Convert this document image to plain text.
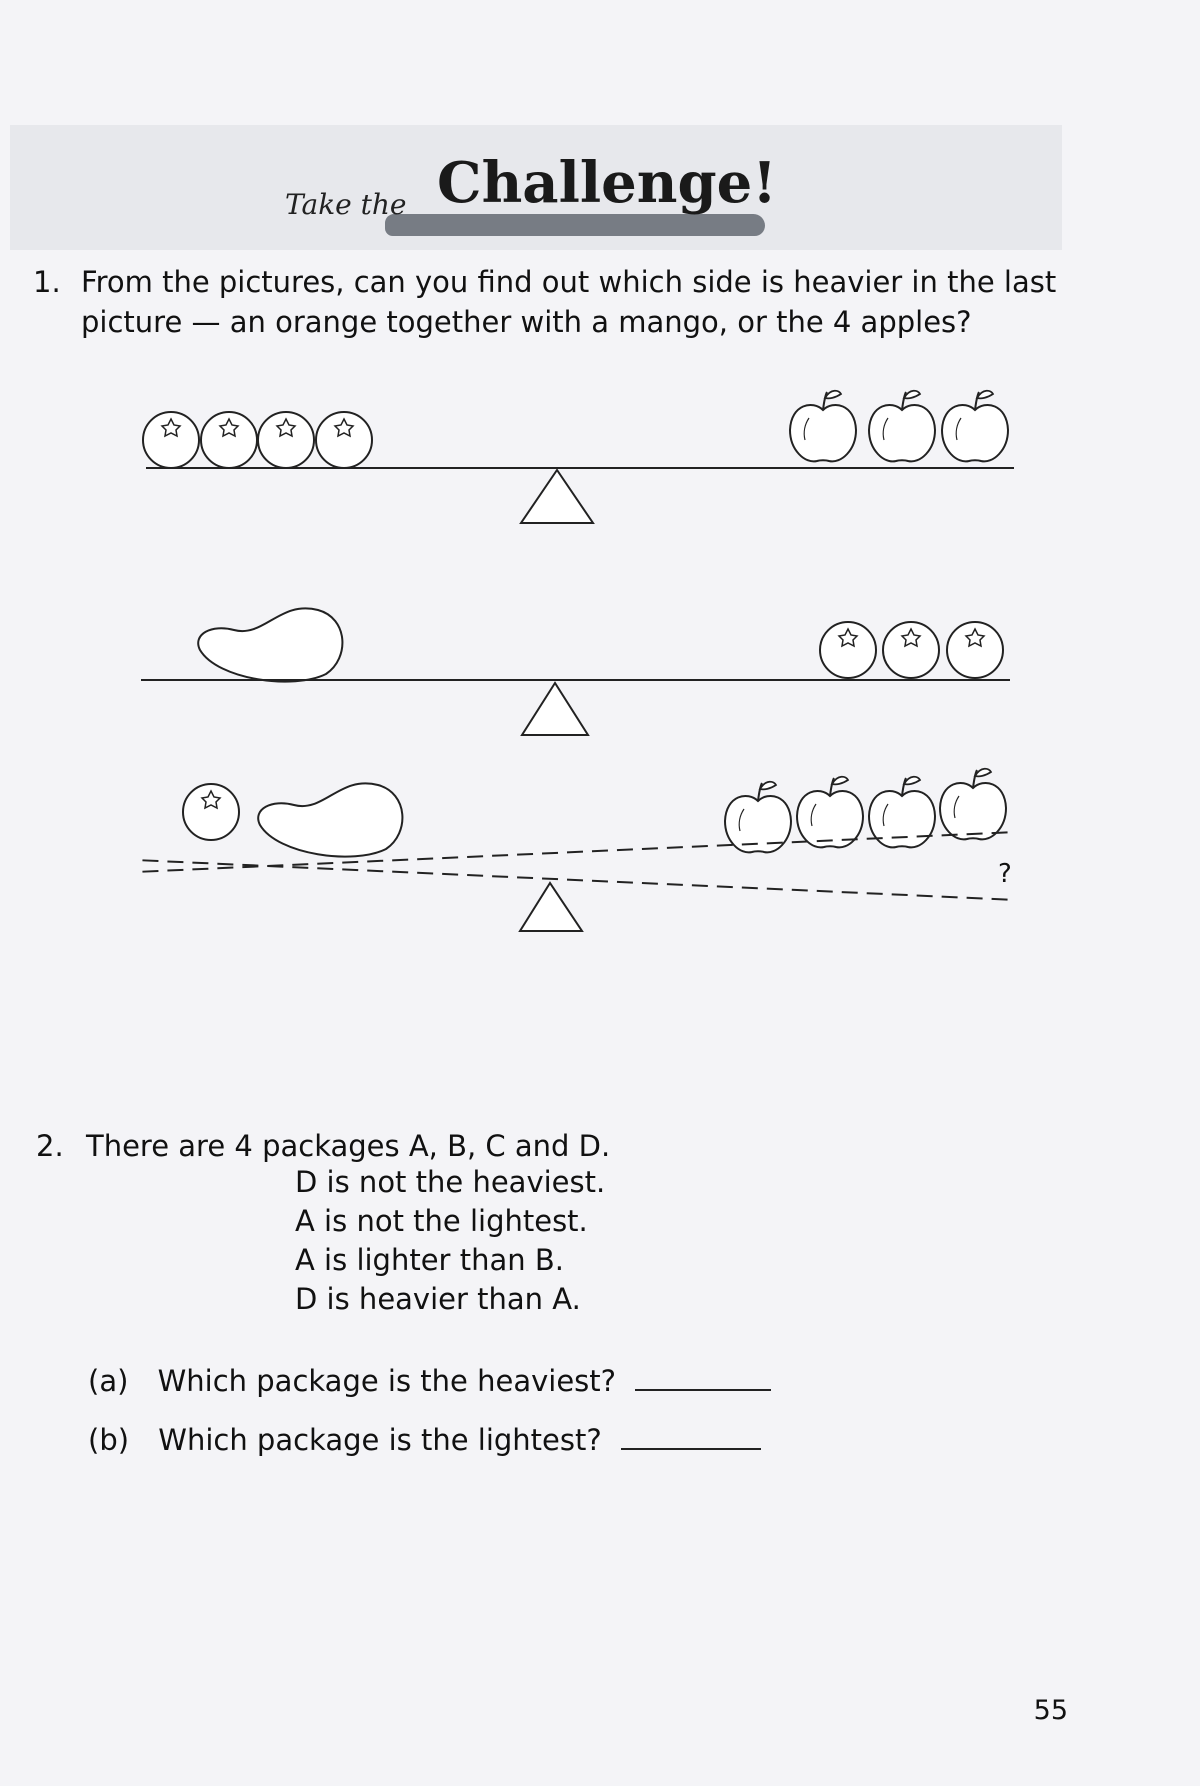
Take the Challenge!
1. From the pictures, can you find out which side is heavier in the last
picture — an orange together with a mango, or the 4 apples?
?
2. There are 4 packages A, B, C and D.
D is not the heaviest.
A is not the lightest.
A is lighter than B.
D is heavier than A.
(a) Which package is the heaviest?
(b) Which package is the lightest?
55
